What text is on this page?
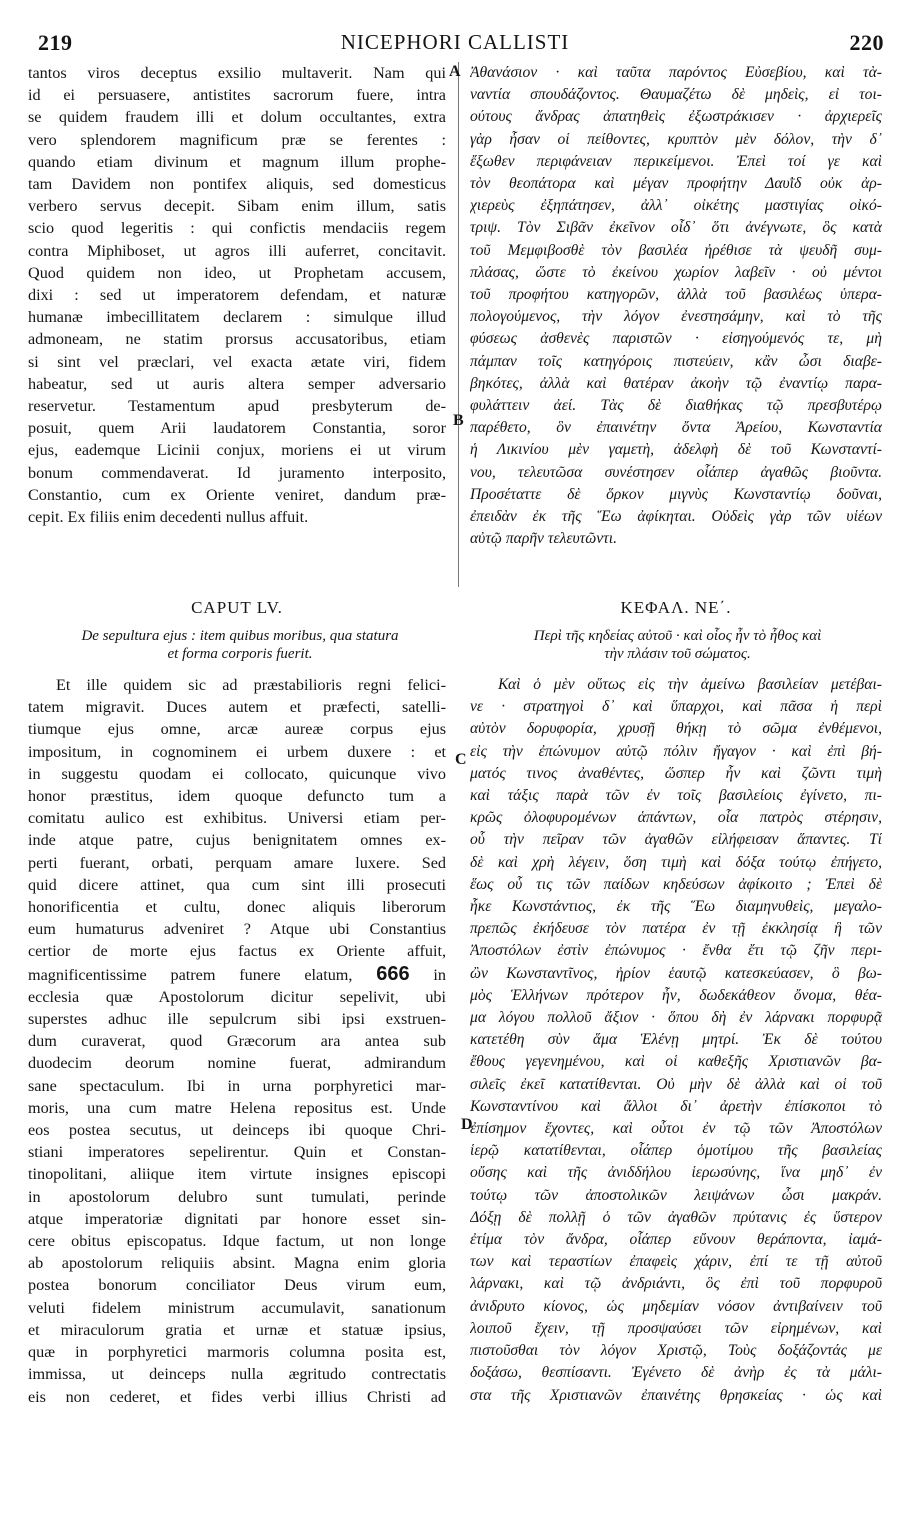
219	NICEPHORI CALLISTI	220
tantos viros deceptus exsilio multaverit. Nam qui
id ei persuasere, antistites sacrorum fuere, intra
se quidem fraudem illi et dolum occultantes, extra
vero splendorem magnificum præ se ferentes :
quando etiam divinum et magnum illum prophe-
tam Davidem non pontifex aliquis, sed domesticus
verbero servus decepit. Sibam enim illum, satis
scio quod legeritis : qui confictis mendaciis regem
contra Miphiboset, ut agros illi auferret, concitavit.
Quod quidem non ideo, ut Prophetam accusem,
dixi : sed ut imperatorem defendam, et naturæ
humanæ imbecillitatem declarem : simulque illud
admoneam, ne statim prorsus accusatoribus, etiam
si sint vel præclari, vel exacta ætate viri, fidem
habeatur, sed ut auris altera semper adversario
reservetur. Testamentum apud presbyterum de-
posuit, quem Arii laudatorem Constantia, soror
ejus, eademque Licinii conjux, moriens ei ut virum
bonum commendaverat. Id juramento interposito,
Constantio, cum ex Oriente veniret, dandum præ-
cepit. Ex filiis enim decedenti nullus affuit.
Ἀθανάσιον · καὶ ταῦτα παρόντος Εὐσεβίου, καὶ τὰ-
ναντία σπουδάζοντος. Θαυμαζέτω δὲ μηδεὶς, εἰ τοι-
ούτους ἄνδρας ἀπατηθεὶς ἐξωστράκισεν · ἀρχιερεῖς
γὰρ ἦσαν οἱ πείθοντες, κρυπτὸν μὲν δόλον, τὴν δ᾽
ἔξωθεν περιφάνειαν περικείμενοι. Ἐπεὶ τοί γε καὶ
τὸν θεοπάτορα καὶ μέγαν προφήτην Δαυῒδ οὐκ ἀρ-
χιερεὺς ἐξηπάτησεν, ἀλλ᾽ οἰκέτης μαστιγίας οἰκό-
τριψ. Τὸν Σιβᾶν ἐκεῖνον οἶδ᾽ ὅτι ἀνέγνωτε, ὃς κατὰ
τοῦ Μεμφιβοσθὲ τὸν βασιλέα ἠρέθισε τὰ ψευδῆ συμ-
πλάσας, ὥστε τὸ ἐκείνου χωρίον λαβεῖν · οὐ μέντοι
τοῦ προφήτου κατηγορῶν, ἀλλὰ τοῦ βασιλέως ὑπερα-
πολογούμενος, τὴν λόγον ἐνεστησάμην, καὶ τὸ τῆς
φύσεως ἀσθενὲς παριστῶν · εἰσηγούμενός τε, μὴ
πάμπαν τοῖς κατηγόροις πιστεύειν, κἂν ὦσι διαβε-
βηκότες, ἀλλὰ καὶ θατέραν ἀκοὴν τῷ ἐναντίῳ παρα-
φυλάττειν ἀεί. Τὰς δὲ διαθήκας τῷ πρεσβυτέρῳ
παρέθετο, ὃν ἐπαινέτην ὄντα Ἀρείου, Κωνσταντία
ἡ Λικινίου μὲν γαμετὴ, ἀδελφὴ δὲ τοῦ Κωνσταντί-
νου, τελευτῶσα συνέστησεν οἷάπερ ἀγαθῶς βιοῦντα.
Προσέταττε δὲ ὅρκον μιγνὺς Κωνσταντίῳ δοῦναι,
ἐπειδὰν ἐκ τῆς Ἕω ἀφίκηται. Οὐδεὶς γὰρ τῶν υἱέων
αὐτῷ παρῆν τελευτῶντι.
A
B
C
D
CAPUT LV.	ΚΕΦΑΛ. ΝΕ΄.
De sepultura ejus : item quibus moribus, qua statura
et forma corporis fuerit.
Περὶ τῆς κηδείας αὐτοῦ · καὶ οἷος ἦν τὸ ἦθος καὶ
τὴν πλάσιν τοῦ σώματος.
Et ille quidem sic ad præstabilioris regni felici-
tatem migravit. Duces autem et præfecti, satelli-
tiumque ejus omne, arcæ aureæ corpus ejus
impositum, in cognominem ei urbem duxere : et
in suggestu quodam ei collocato, quicunque vivo
honor præstitus, idem quoque defuncto tum a
comitatu aulico est exhibitus. Universi etiam per-
inde atque patre, cujus benignitatem omnes ex-
perti fuerant, orbati, perquam amare luxere. Sed
quid dicere attinet, qua cum sint illi prosecuti
honorificentia et cultu, donec aliquis liberorum
eum humaturus adveniret ? Atque ubi Constantius
certior de morte ejus factus ex Oriente affuit,
magnificentissime patrem funere elatum, 666 in
ecclesia quæ Apostolorum dicitur sepelivit, ubi
superstes adhuc ille sepulcrum sibi ipsi exstruen-
dum curaverat, quod Græcorum ara antea sub
duodecim deorum nomine fuerat, admirandum
sane spectaculum. Ibi in urna porphyretici mar-
moris, una cum matre Helena repositus est. Unde
eos postea secutus, ut deinceps ibi quoque Chri-
stiani imperatores sepelirentur. Quin et Constan-
tinopolitani, aliique item virtute insignes episcopi
in apostolorum delubro sunt tumulati, perinde
atque imperatoriæ dignitati par honore esset sin-
cere obitus episcopatus. Idque factum, ut non longe
ab apostolorum reliquiis absint. Magna enim gloria
postea bonorum conciliator Deus virum eum,
veluti fidelem ministrum accumulavit, sanationum
et miraculorum gratia et urnæ et statuæ ipsius,
quæ in porphyretici marmoris columna posita est,
immissa, ut deinceps nulla ægritudo contrectatis
eis non cederet, et fides verbi illius Christi ad
Καὶ ὁ μὲν οὕτως εἰς τὴν ἀμείνω βασιλείαν μετέβαι-
νε · στρατηγοὶ δ᾽ καὶ ὕπαρχοι, καὶ πᾶσα ἡ περὶ
αὐτὸν δορυφορία, χρυσῇ θήκῃ τὸ σῶμα ἐνθέμενοι,
εἰς τὴν ἐπώνυμον αὐτῷ πόλιν ἤγαγον · καὶ ἐπὶ βή-
ματός τινος ἀναθέντες, ὥσπερ ἦν καὶ ζῶντι τιμὴ
καὶ τάξις παρὰ τῶν ἐν τοῖς βασιλείοις ἐγίνετο, πι-
κρῶς ὀλοφυρομένων ἁπάντων, οἷα πατρὸς στέρησιν,
οὗ τὴν πεῖραν τῶν ἀγαθῶν εἰλήφεισαν ἅπαντες. Τί
δὲ καὶ χρὴ λέγειν, ὅση τιμὴ καὶ δόξα τούτῳ ἐπήγετο,
ἕως οὗ τις τῶν παίδων κηδεύσων ἀφίκοιτο ; Ἐπεὶ δὲ
ἧκε Κωνστάντιος, ἐκ τῆς Ἕω διαμηνυθεὶς, μεγαλο-
πρεπῶς ἐκήδευσε τὸν πατέρα ἐν τῇ ἐκκλησίᾳ ἣ τῶν
Ἀποστόλων ἐστὶν ἐπώνυμος · ἔνθα ἔτι τῷ ζῆν περι-
ὢν Κωνσταντῖνος, ἠρίον ἑαυτῷ κατεσκεύασεν, ὃ βω-
μὸς Ἑλλήνων πρότερον ἦν, δωδεκάθεον ὄνομα, θέα-
μα λόγου πολλοῦ ἄξιον · ὅπου δὴ ἐν λάρνακι πορφυρᾷ
κατετέθη σὺν ἅμα Ἑλένῃ μητρί. Ἐκ δὲ τούτου
ἔθους γεγενημένου, καὶ οἱ καθεξῆς Χριστιανῶν βα-
σιλεῖς ἐκεῖ κατατίθενται. Οὐ μὴν δὲ ἀλλὰ καὶ οἱ τοῦ
Κωνσταντίνου καὶ ἄλλοι δι᾽ ἀρετὴν ἐπίσκοποι τὸ
ἐπίσημον ἔχοντες, καὶ οὗτοι ἐν τῷ τῶν Ἀποστόλων
ἱερῷ κατατίθενται, οἷάπερ ὁμοτίμου τῆς βασιλείας
οὔσης καὶ τῆς ἀνιδδήλου ἱερωσύνης, ἵνα μηδ᾽ ἐν
τούτῳ τῶν ἀποστολικῶν λειψάνων ὦσι μακράν.
Δόξῃ δὲ πολλῇ ὁ τῶν ἀγαθῶν πρύτανις ἐς ὕστερον
ἐτίμα τὸν ἄνδρα, οἷάπερ εὔνουν θεράποντα, ἰαμά-
των καὶ τεραστίων ἐπαφεὶς χάριν, ἐπί τε τῇ αὐτοῦ
λάρνακι, καὶ τῷ ἀνδριάντι, ὃς ἐπὶ τοῦ πορφυροῦ
ἀνιδρυτο κίονος, ὡς μηδεμίαν νόσον ἀντιβαίνειν τοῦ
λοιποῦ ἔχειν, τῇ προσψαύσει τῶν εἰρημένων, καὶ
πιστοῦσθαι τὸν λόγον Χριστῷ, Τοὺς δοξάζοντάς με
δοξάσω, θεσπίσαντι. Ἐγένετο δὲ ἀνὴρ ἐς τὰ μάλι-
στα τῆς Χριστιανῶν ἐπαινέτης θρησκείας · ὡς καὶ
